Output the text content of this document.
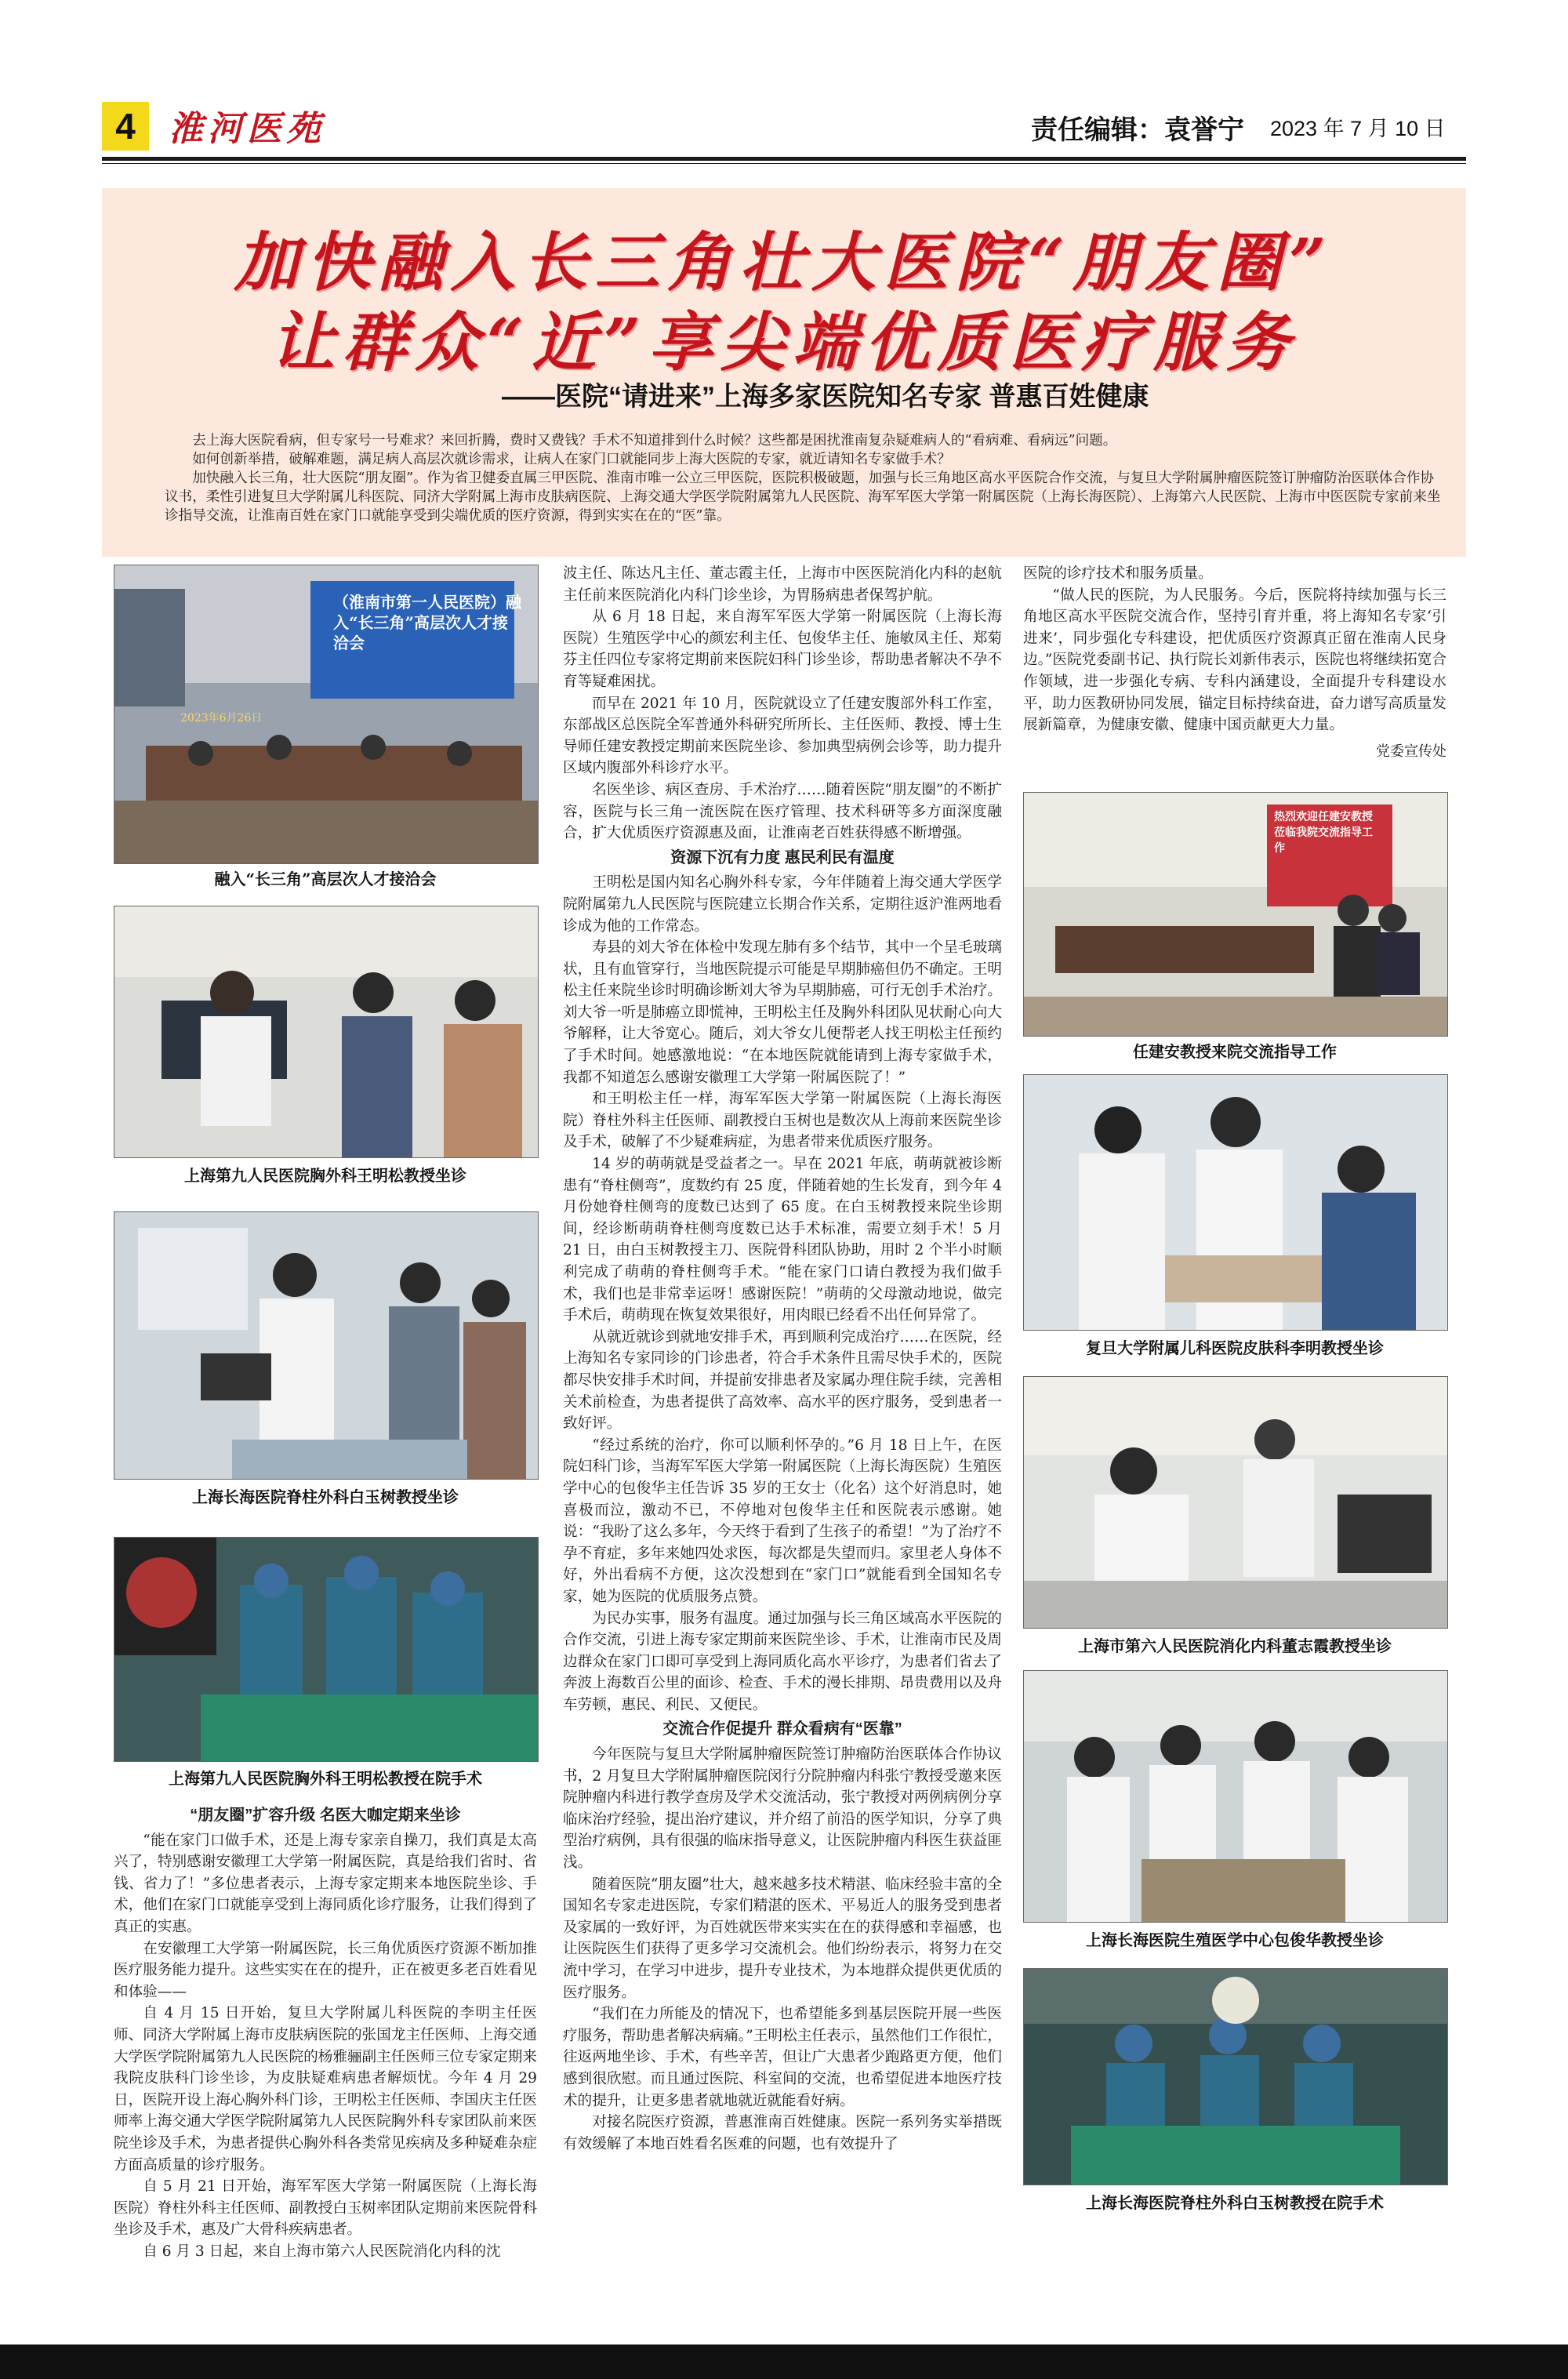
4 淮河医苑	责任编辑：袁誉宁 2023 年 7 月 10 日
加快融入长三角壮大医院“朋友圈”
让群众“近”享尖端优质医疗服务
——医院“请进来”上海多家医院知名专家 普惠百姓健康

去上海大医院看病，但专家号一号难求？来回折腾，费时又费钱？手术不知道排到什么时候？这些都是困扰淮南复杂疑难病人的“看病难、看病远”问题。

如何创新举措，破解难题，满足病人高层次就诊需求，让病人在家门口就能同步上海大医院的专家，就近请知名专家做手术？

加快融入长三角，壮大医院“朋友圈”。作为省卫健委直属三甲医院、淮南市唯一公立三甲医院，医院积极破题，加强与长三角地区高水平医院合作交流，与复旦大学附属肿瘤医院签订肿瘤防治医联体合作协议书，柔性引进复旦大学附属儿科医院、同济大学附属上海市皮肤病医院、上海交通大学医学院附属第九人民医院、海军军医大学第一附属医院（上海长海医院）、上海第六人民医院、上海市中医医院专家前来坐诊指导交流，让淮南百姓在家门口就能享受到尖端优质的医疗资源，得到实实在在的“医”靠。

（淮南市第一人民医院）融入“长三角”高层次人才接洽会
2023年6月26日
融入“长三角”高层次人才接洽会
上海第九人民医院胸外科王明松教授坐诊
上海长海医院脊柱外科白玉树教授坐诊
上海第九人民医院胸外科王明松教授在院手术

“朋友圈”扩容升级 名医大咖定期来坐诊

“能在家门口做手术，还是上海专家亲自操刀，我们真是太高兴了，特别感谢安徽理工大学第一附属医院，真是给我们省时、省钱、省力了！”多位患者表示，上海专家定期来本地医院坐诊、手术，他们在家门口就能享受到上海同质化诊疗服务，让我们得到了真正的实惠。

在安徽理工大学第一附属医院，长三角优质医疗资源不断加推医疗服务能力提升。这些实实在在的提升，正在被更多老百姓看见和体验——

自 4 月 15 日开始，复旦大学附属儿科医院的李明主任医师、同济大学附属上海市皮肤病医院的张国龙主任医师、上海交通大学医学院附属第九人民医院的杨雅骊副主任医师三位专家定期来我院皮肤科门诊坐诊，为皮肤疑难病患者解烦忧。今年 4 月 29 日，医院开设上海心胸外科门诊，王明松主任医师、李国庆主任医师率上海交通大学医学院附属第九人民医院胸外科专家团队前来医院坐诊及手术，为患者提供心胸外科各类常见疾病及多种疑难杂症方面高质量的诊疗服务。

自 5 月 21 日开始，海军军医大学第一附属医院（上海长海医院）脊柱外科主任医师、副教授白玉树率团队定期前来医院骨科坐诊及手术，惠及广大骨科疾病患者。

自 6 月 3 日起，来自上海市第六人民医院消化内科的沈

波主任、陈达凡主任、董志霞主任，上海市中医医院消化内科的赵航主任前来医院消化内科门诊坐诊，为胃肠病患者保驾护航。

从 6 月 18 日起，来自海军军医大学第一附属医院（上海长海医院）生殖医学中心的颜宏利主任、包俊华主任、施敏凤主任、郑菊芬主任四位专家将定期前来医院妇科门诊坐诊，帮助患者解决不孕不育等疑难困扰。

而早在 2021 年 10 月，医院就设立了任建安腹部外科工作室，东部战区总医院全军普通外科研究所所长、主任医师、教授、博士生导师任建安教授定期前来医院坐诊、参加典型病例会诊等，助力提升区域内腹部外科诊疗水平。

名医坐诊、病区查房、手术治疗……随着医院“朋友圈”的不断扩容，医院与长三角一流医院在医疗管理、技术科研等多方面深度融合，扩大优质医疗资源惠及面，让淮南老百姓获得感不断增强。

资源下沉有力度 惠民利民有温度

王明松是国内知名心胸外科专家，今年伴随着上海交通大学医学院附属第九人民医院与医院建立长期合作关系，定期往返沪淮两地看诊成为他的工作常态。

寿县的刘大爷在体检中发现左肺有多个结节，其中一个呈毛玻璃状，且有血管穿行，当地医院提示可能是早期肺癌但仍不确定。王明松主任来院坐诊时明确诊断刘大爷为早期肺癌，可行无创手术治疗。刘大爷一听是肺癌立即慌神，王明松主任及胸外科团队见状耐心向大爷解释，让大爷宽心。随后，刘大爷女儿便帮老人找王明松主任预约了手术时间。她感激地说：“在本地医院就能请到上海专家做手术，我都不知道怎么感谢安徽理工大学第一附属医院了！”

和王明松主任一样，海军军医大学第一附属医院（上海长海医院）脊柱外科主任医师、副教授白玉树也是数次从上海前来医院坐诊及手术，破解了不少疑难病症，为患者带来优质医疗服务。

14 岁的萌萌就是受益者之一。早在 2021 年底，萌萌就被诊断患有“脊柱侧弯”，度数约有 25 度，伴随着她的生长发育，到今年 4 月份她脊柱侧弯的度数已达到了 65 度。在白玉树教授来院坐诊期间，经诊断萌萌脊柱侧弯度数已达手术标准，需要立刻手术！5 月 21 日，由白玉树教授主刀、医院骨科团队协助，用时 2 个半小时顺利完成了萌萌的脊柱侧弯手术。“能在家门口请白教授为我们做手术，我们也是非常幸运呀！感谢医院！”萌萌的父母激动地说，做完手术后，萌萌现在恢复效果很好，用肉眼已经看不出任何异常了。

从就近就诊到就地安排手术，再到顺利完成治疗……在医院，经上海知名专家同诊的门诊患者，符合手术条件且需尽快手术的，医院都尽快安排手术时间，并提前安排患者及家属办理住院手续，完善相关术前检查，为患者提供了高效率、高水平的医疗服务，受到患者一致好评。

“经过系统的治疗，你可以顺利怀孕的。”6 月 18 日上午，在医院妇科门诊，当海军军医大学第一附属医院（上海长海医院）生殖医学中心的包俊华主任告诉 35 岁的王女士（化名）这个好消息时，她喜极而泣，激动不已，不停地对包俊华主任和医院表示感谢。她说：“我盼了这么多年，今天终于看到了生孩子的希望！”为了治疗不孕不育症，多年来她四处求医，每次都是失望而归。家里老人身体不好，外出看病不方便，这次没想到在“家门口”就能看到全国知名专家，她为医院的优质服务点赞。

为民办实事，服务有温度。通过加强与长三角区域高水平医院的合作交流，引进上海专家定期前来医院坐诊、手术，让淮南市民及周边群众在家门口即可享受到上海同质化高水平诊疗，为患者们省去了奔波上海数百公里的面诊、检查、手术的漫长排期、昂贵费用以及舟车劳顿，惠民、利民、又便民。

交流合作促提升 群众看病有“医靠”

今年医院与复旦大学附属肿瘤医院签订肿瘤防治医联体合作协议书，2 月复旦大学附属肿瘤医院闵行分院肿瘤内科张宁教授受邀来医院肿瘤内科进行教学查房及学术交流活动，张宁教授对两例病例分享临床治疗经验，提出治疗建议，并介绍了前沿的医学知识，分享了典型治疗病例，具有很强的临床指导意义，让医院肿瘤内科医生获益匪浅。

随着医院“朋友圈”壮大，越来越多技术精湛、临床经验丰富的全国知名专家走进医院，专家们精湛的医术、平易近人的服务受到患者及家属的一致好评，为百姓就医带来实实在在的获得感和幸福感，也让医院医生们获得了更多学习交流机会。他们纷纷表示，将努力在交流中学习，在学习中进步，提升专业技术，为本地群众提供更优质的医疗服务。

“我们在力所能及的情况下，也希望能多到基层医院开展一些医疗服务，帮助患者解决病痛。”王明松主任表示，虽然他们工作很忙，往返两地坐诊、手术，有些辛苦，但让广大患者少跑路更方便，他们感到很欣慰。而且通过医院、科室间的交流，也希望促进本地医疗技术的提升，让更多患者就地就近就能看好病。

对接名院医疗资源，普惠淮南百姓健康。医院一系列务实举措既有效缓解了本地百姓看名医难的问题，也有效提升了

医院的诊疗技术和服务质量。

“做人民的医院，为人民服务。今后，医院将持续加强与长三角地区高水平医院交流合作，坚持引育并重，将上海知名专家‘引进来’，同步强化专科建设，把优质医疗资源真正留在淮南人民身边。”医院党委副书记、执行院长刘新伟表示，医院也将继续拓宽合作领域，进一步强化专病、专科内涵建设，全面提升专科建设水平，助力医教研协同发展，锚定目标持续奋进，奋力谱写高质量发展新篇章，为健康安徽、健康中国贡献更大力量。

党委宣传处

热烈欢迎任建安教授莅临我院交流指导工作
任建安教授来院交流指导工作
复旦大学附属儿科医院皮肤科李明教授坐诊
上海市第六人民医院消化内科董志霞教授坐诊
上海长海医院生殖医学中心包俊华教授坐诊
上海长海医院脊柱外科白玉树教授在院手术
